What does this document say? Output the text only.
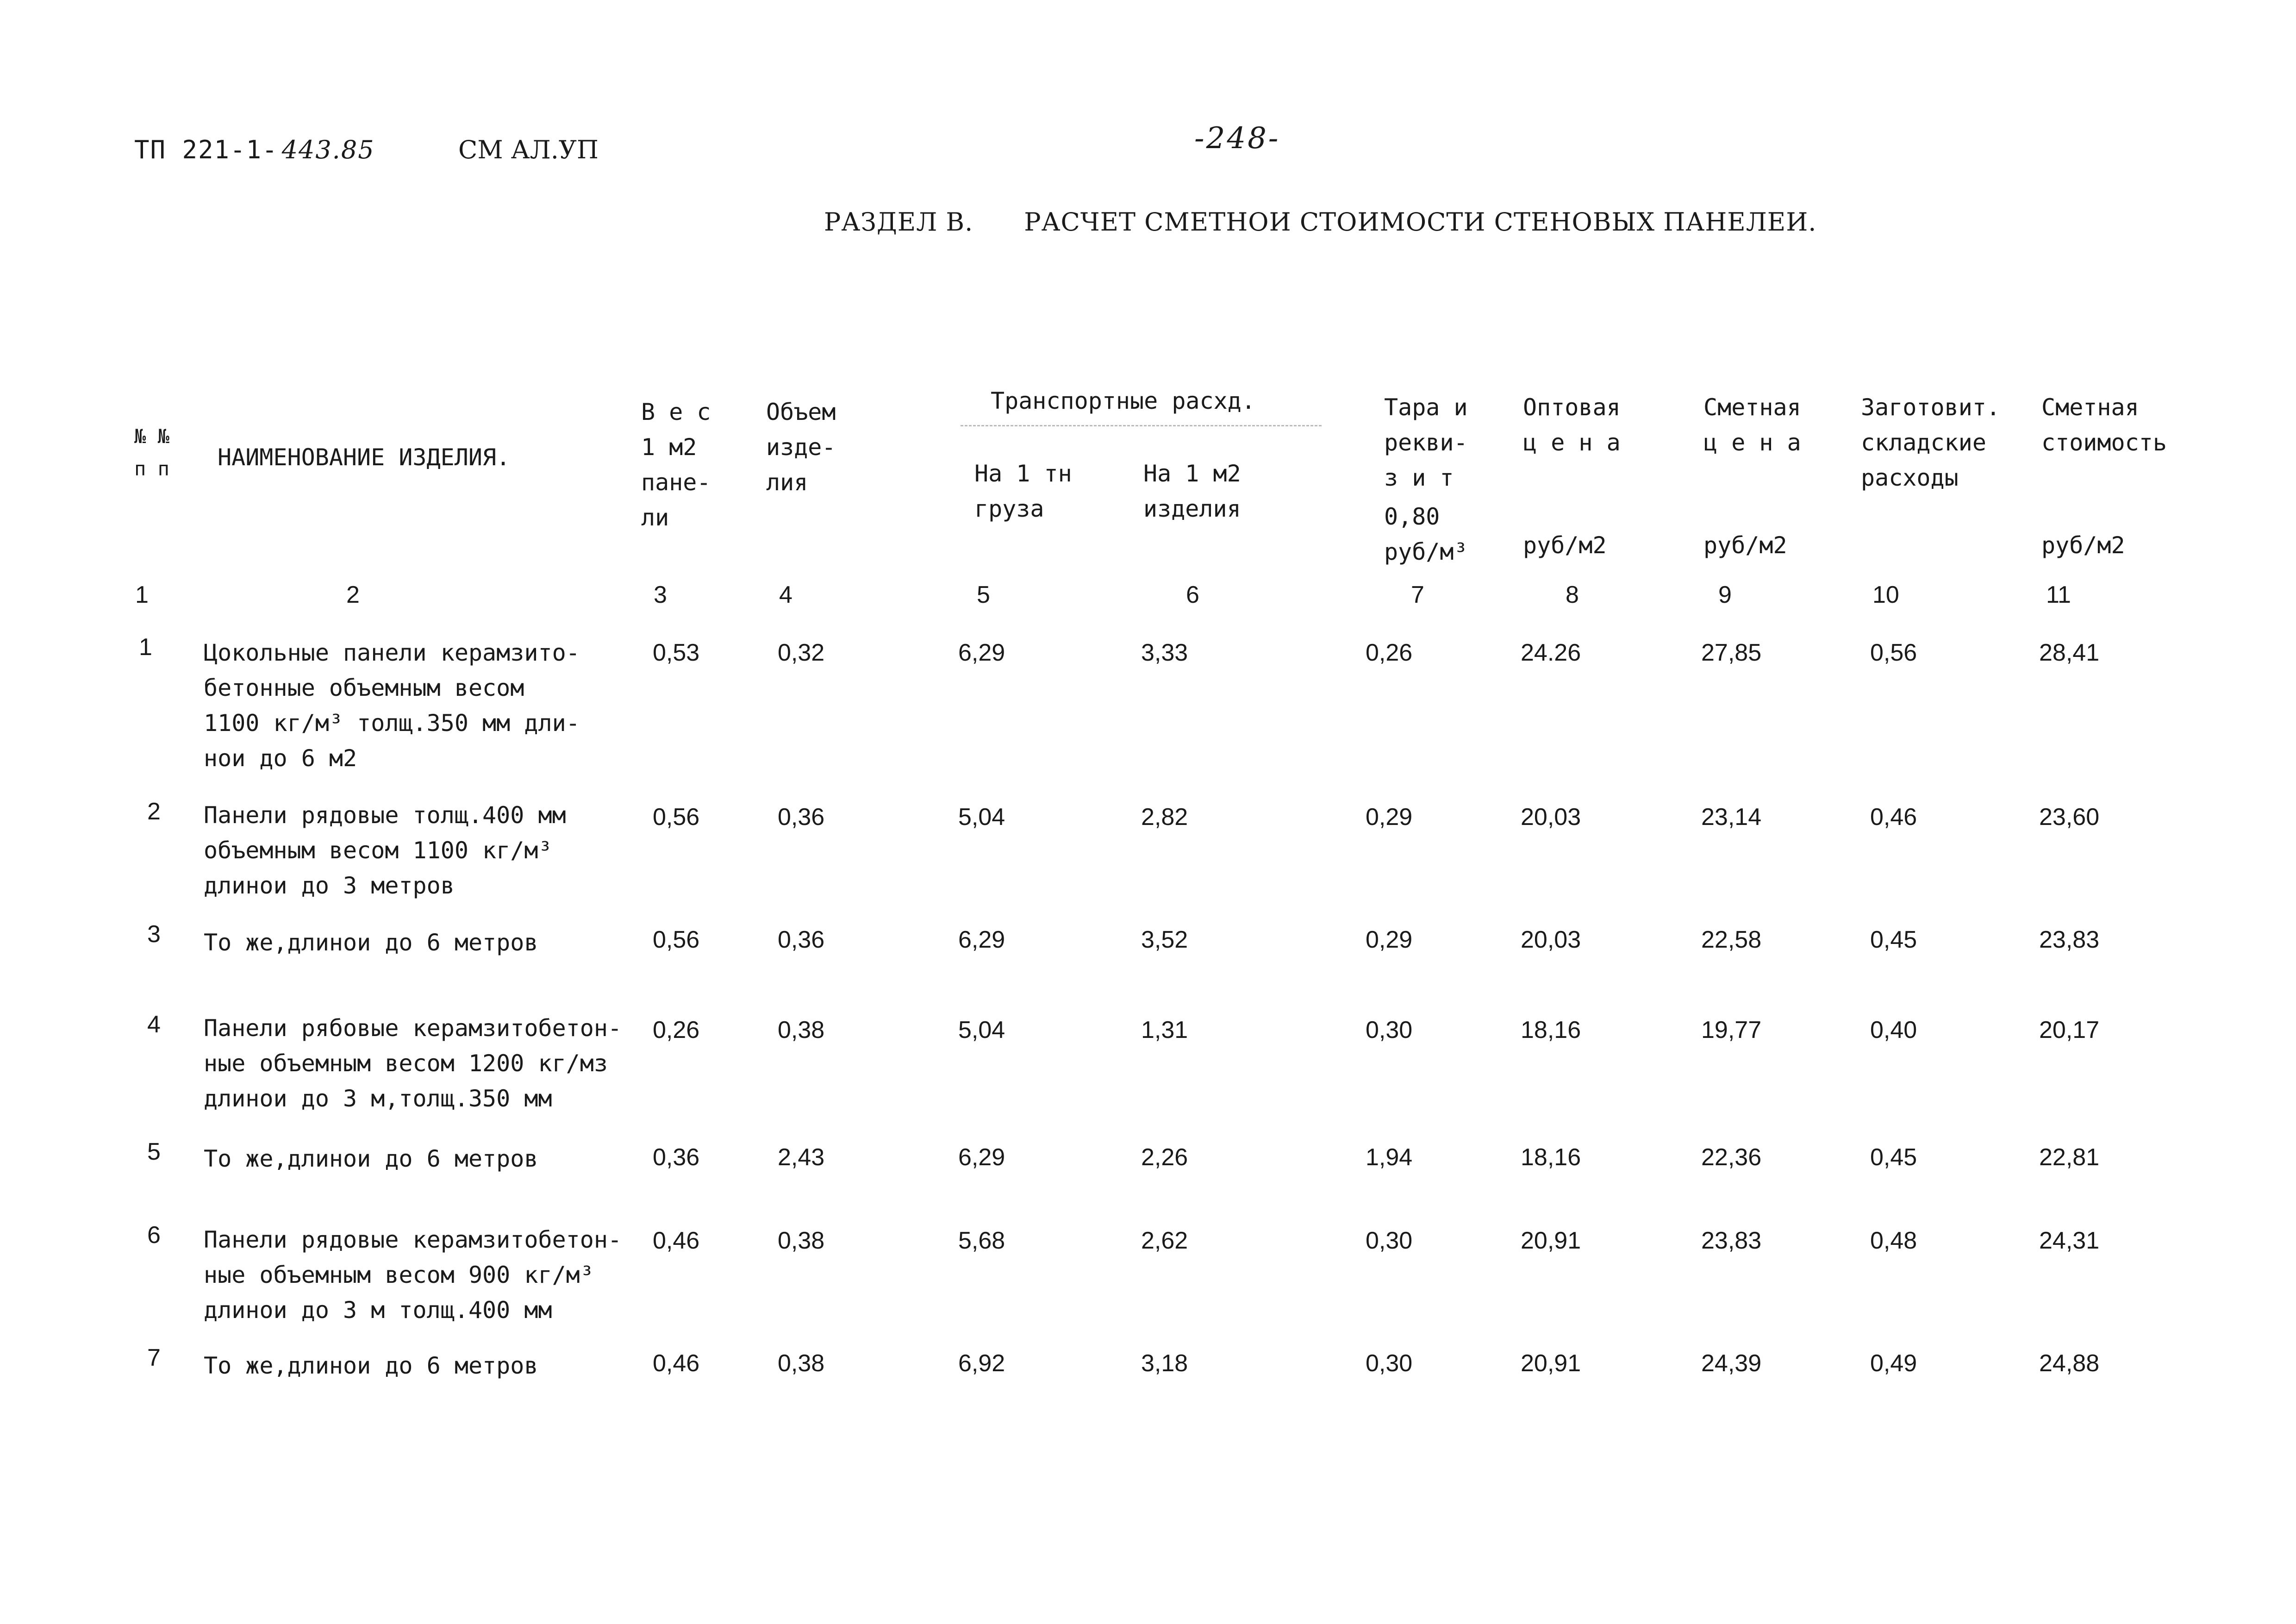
ТП 221-1- 443.85	СМ АЛ.УП	-248-
РАЗДЕЛ В. РАСЧЕТ СМЕТНОИ СТОИМОСТИ СТЕНОВЫХ ПАНЕЛЕИ.
№ №
п п НАИМЕНОВАНИЕ ИЗДЕЛИЯ.
В е с
1 м2
пане-
ли
Объем
изде-
лия
Транспортные расхд.
На 1 тн
груза
На 1 м2
изделия
Тара и
рекви-
з и т
0,80
руб/м³
Оптовая
ц е н а
руб/м2
Сметная
ц е н а
руб/м2
Заготовит.
складские
расходы
Сметная
стоимость
руб/м2
1	2	3	4	5	6	7	8	9	10	11
1 Цокольные панели керамзито-
бетонные объемным весом
1100 кг/м³ толщ.350 мм дли-
нои до 6 м2
0,53	0,32	6,29	3,33	0,26	24.26	27,85	0,56	28,41
2 Панели рядовые толщ.400 мм
объемным весом 1100 кг/м³
длинои до 3 метров
0,56	0,36	5,04	2,82	0,29	20,03	23,14	0,46	23,60
3 То же,длинои до 6 метров	0,56	0,36	6,29	3,52	0,29	20,03	22,58	0,45	23,83
4 Панели рябовые керамзитобетон-
ные объемным весом 1200 кг/мз
длинои до 3 м,толщ.350 мм
0,26	0,38	5,04	1,31	0,30	18,16	19,77	0,40	20,17
5 То же,длинои до 6 метров	0,36	2,43	6,29	2,26	1,94	18,16	22,36	0,45	22,81
6 Панели рядовые керамзитобетон-
ные объемным весом 900 кг/м³
длинои до 3 м толщ.400 мм
0,46	0,38	5,68	2,62	0,30	20,91	23,83	0,48	24,31
7 То же,длинои до 6 метров	0,46	0,38	6,92	3,18	0,30	20,91	24,39	0,49	24,88
